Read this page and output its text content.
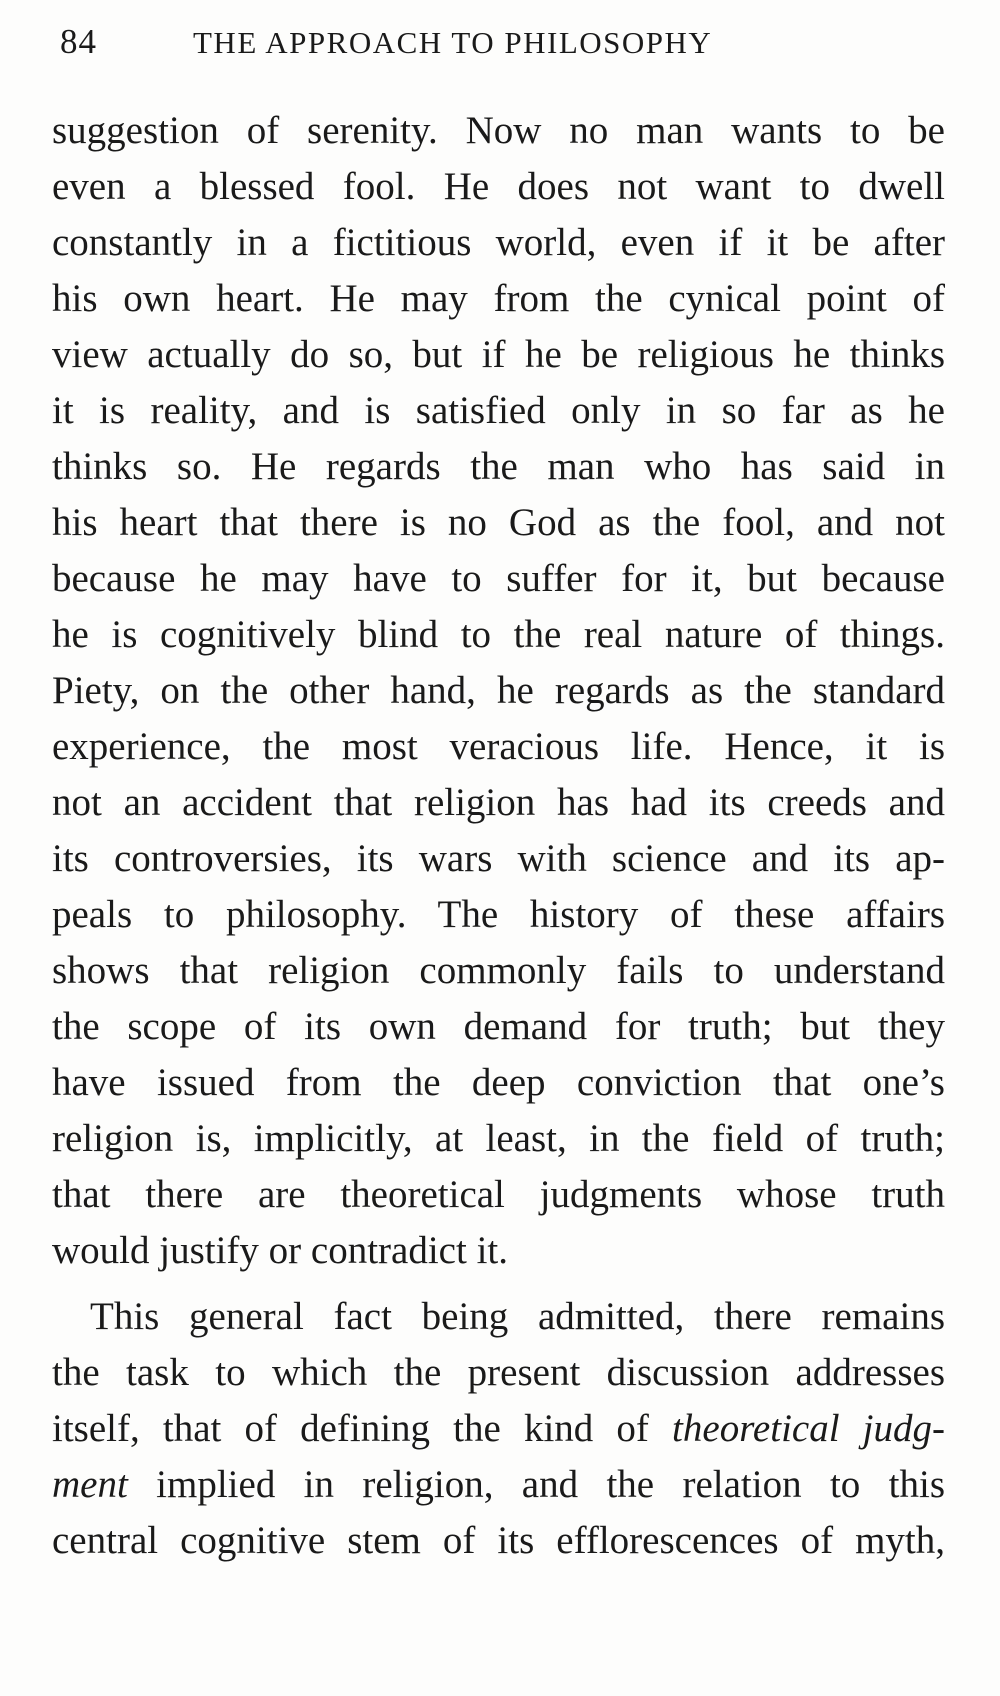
84	THE APPROACH TO PHILOSOPHY
suggestion of serenity. Now no man wants to be
even a blessed fool. He does not want to dwell
constantly in a fictitious world, even if it be after
his own heart. He may from the cynical point of
view actually do so, but if he be religious he thinks
it is reality, and is satisfied only in so far as he
thinks so. He regards the man who has said in
his heart that there is no God as the fool, and not
because he may have to suffer for it, but because
he is cognitively blind to the real nature of things.
Piety, on the other hand, he regards as the standard
experience, the most veracious life. Hence, it is
not an accident that religion has had its creeds and
its controversies, its wars with science and its ap-
peals to philosophy. The history of these affairs
shows that religion commonly fails to understand
the scope of its own demand for truth; but they
have issued from the deep conviction that one’s
religion is, implicitly, at least, in the field of truth;
that there are theoretical judgments whose truth
would justify or contradict it.
This general fact being admitted, there remains
the task to which the present discussion addresses
itself, that of defining the kind of theoretical judg-
ment implied in religion, and the relation to this
central cognitive stem of its efflorescences of myth,
